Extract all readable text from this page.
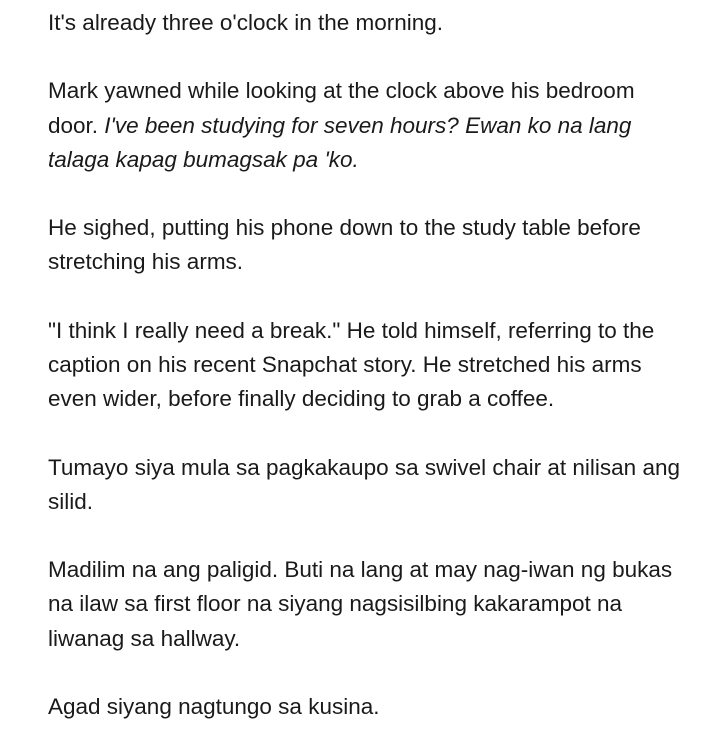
It's already three o'clock in the morning.

Mark yawned while looking at the clock above his bedroom door. I've been studying for seven hours? Ewan ko na lang talaga kapag bumagsak pa 'ko.

He sighed, putting his phone down to the study table before stretching his arms.

"I think I really need a break." He told himself, referring to the caption on his recent Snapchat story. He stretched his arms even wider, before finally deciding to grab a coffee.

Tumayo siya mula sa pagkakaupo sa swivel chair at nilisan ang silid.

Madilim na ang paligid. Buti na lang at may nag-iwan ng bukas na ilaw sa first floor na siyang nagsisilbing kakarampot na liwanag sa hallway.

Agad siyang nagtungo sa kusina.
